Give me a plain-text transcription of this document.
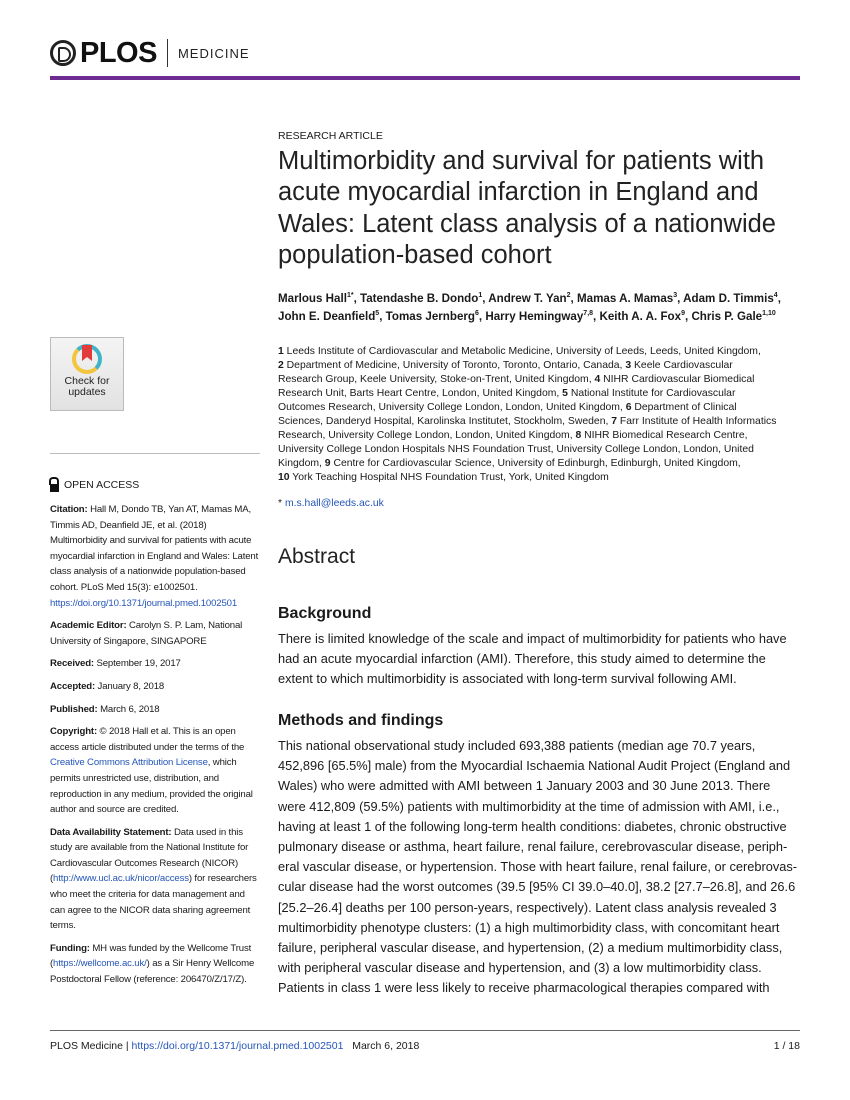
PLOS MEDICINE
Check for
updates
OPEN ACCESS

Citation: Hall M, Dondo TB, Yan AT, Mamas MA, Timmis AD, Deanfield JE, et al. (2018) Multimorbidity and survival for patients with acute myocardial infarction in England and Wales: Latent class analysis of a nationwide population-based cohort. PLoS Med 15(3): e1002501. https://doi.org/10.1371/journal.pmed.1002501

Academic Editor: Carolyn S. P. Lam, National University of Singapore, SINGAPORE

Received: September 19, 2017

Accepted: January 8, 2018

Published: March 6, 2018

Copyright: © 2018 Hall et al. This is an open access article distributed under the terms of the Creative Commons Attribution License, which permits unrestricted use, distribution, and reproduction in any medium, provided the original author and source are credited.

Data Availability Statement: Data used in this study are available from the National Institute for Cardiovascular Outcomes Research (NICOR) (http://www.ucl.ac.uk/nicor/access) for researchers who meet the criteria for data management and can agree to the NICOR data sharing agreement terms.

Funding: MH was funded by the Wellcome Trust (https://wellcome.ac.uk/) as a Sir Henry Wellcome Postdoctoral Fellow (reference: 206470/Z/17/Z).

RESEARCH ARTICLE
Multimorbidity and survival for patients with acute myocardial infarction in England and Wales: Latent class analysis of a nationwide population-based cohort
Marlous Hall$^{1*}$, Tatendashe B. Dondo$^1$, Andrew T. Yan$^2$, Mamas A. Mamas$^3$, Adam D. Timmis$^4$, John E. Deanfield$^5$, Tomas Jernberg$^6$, Harry Hemingway$^{7,8}$, Keith A. A. Fox$^9$, Chris P. Gale$^{1,10}$
1 Leeds Institute of Cardiovascular and Metabolic Medicine, University of Leeds, Leeds, United Kingdom,
2 Department of Medicine, University of Toronto, Toronto, Ontario, Canada, 3 Keele Cardiovascular
Research Group, Keele University, Stoke-on-Trent, United Kingdom, 4 NIHR Cardiovascular Biomedical
Research Unit, Barts Heart Centre, London, United Kingdom, 5 National Institute for Cardiovascular
Outcomes Research, University College London, London, United Kingdom, 6 Department of Clinical
Sciences, Danderyd Hospital, Karolinska Institutet, Stockholm, Sweden, 7 Farr Institute of Health Informatics
Research, University College London, London, United Kingdom, 8 NIHR Biomedical Research Centre,
University College London Hospitals NHS Foundation Trust, University College London, London, United
Kingdom, 9 Centre for Cardiovascular Science, University of Edinburgh, Edinburgh, United Kingdom,
10 York Teaching Hospital NHS Foundation Trust, York, United Kingdom
* m.s.hall@leeds.ac.uk
Abstract
Background
There is limited knowledge of the scale and impact of multimorbidity for patients who have
had an acute myocardial infarction (AMI). Therefore, this study aimed to determine the
extent to which multimorbidity is associated with long-term survival following AMI.
Methods and findings
This national observational study included 693,388 patients (median age 70.7 years,
452,896 [65.5%] male) from the Myocardial Ischaemia National Audit Project (England and
Wales) who were admitted with AMI between 1 January 2003 and 30 June 2013. There
were 412,809 (59.5%) patients with multimorbidity at the time of admission with AMI, i.e.,
having at least 1 of the following long-term health conditions: diabetes, chronic obstructive
pulmonary disease or asthma, heart failure, renal failure, cerebrovascular disease, periph-
eral vascular disease, or hypertension. Those with heart failure, renal failure, or cerebrovas-
cular disease had the worst outcomes (39.5 [95% CI 39.0–40.0], 38.2 [27.7–26.8], and 26.6
[25.2–26.4] deaths per 100 person-years, respectively). Latent class analysis revealed 3
multimorbidity phenotype clusters: (1) a high multimorbidity class, with concomitant heart
failure, peripheral vascular disease, and hypertension, (2) a medium multimorbidity class,
with peripheral vascular disease and hypertension, and (3) a low multimorbidity class.
Patients in class 1 were less likely to receive pharmacological therapies compared with
PLOS Medicine | https://doi.org/10.1371/journal.pmed.1002501 March 6, 2018	1 / 18
